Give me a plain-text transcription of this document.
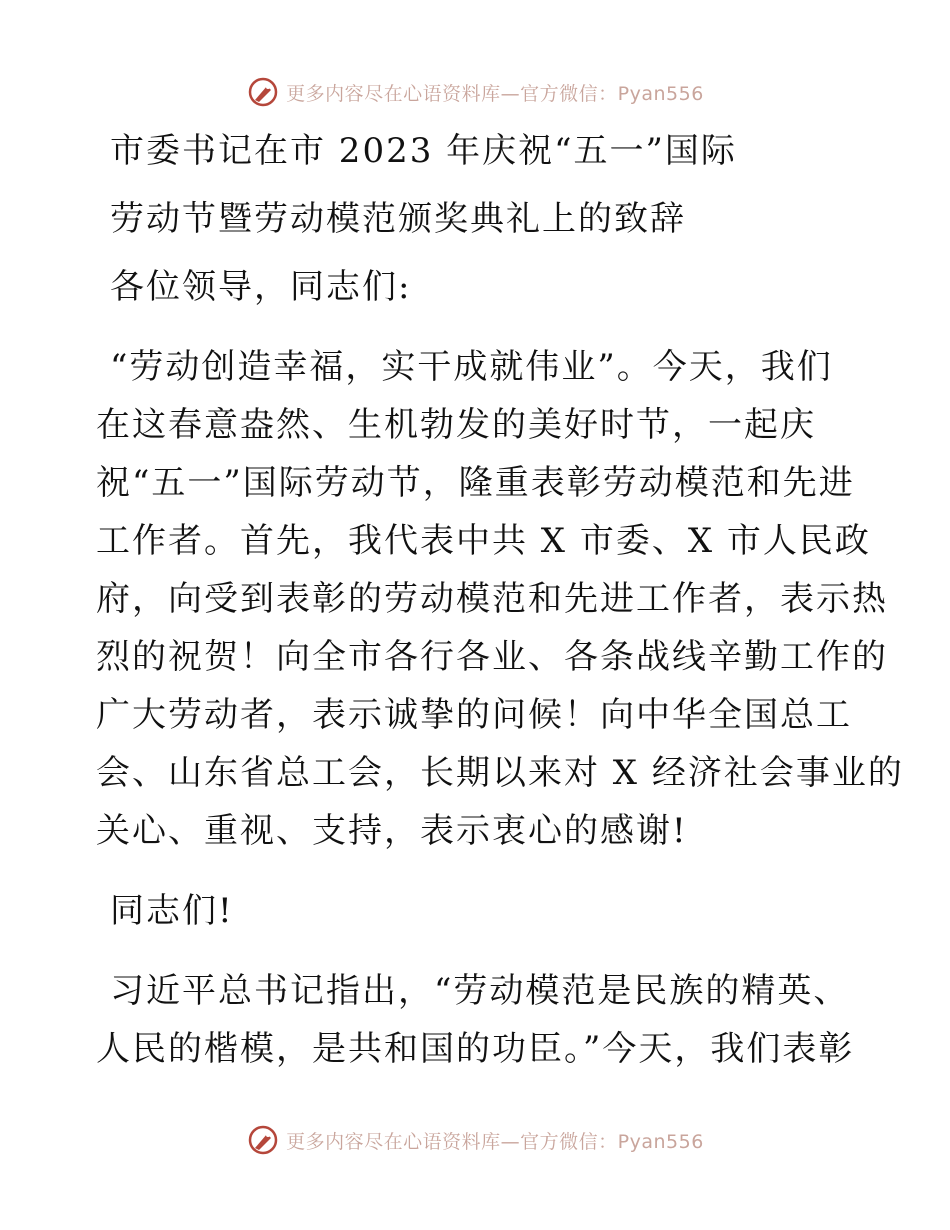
更多内容尽在心语资料库—官方微信：Pyan556
市委书记在市 2023 年庆祝“五一”国际
劳动节暨劳动模范颁奖典礼上的致辞
各位领导，同志们:
“劳动创造幸福，实干成就伟业”。今天，我们
在这春意盎然、生机勃发的美好时节，一起庆
祝“五一”国际劳动节，隆重表彰劳动模范和先进
工作者。首先，我代表中共 X 市委、X 市人民政
府，向受到表彰的劳动模范和先进工作者，表示热
烈的祝贺！向全市各行各业、各条战线辛勤工作的
广大劳动者，表示诚挚的问候！向中华全国总工
会、山东省总工会，长期以来对 X 经济社会事业的
关心、重视、支持，表示衷心的感谢!
同志们!
习近平总书记指出，“劳动模范是民族的精英、
人民的楷模，是共和国的功臣。”今天，我们表彰
更多内容尽在心语资料库—官方微信：Pyan556
